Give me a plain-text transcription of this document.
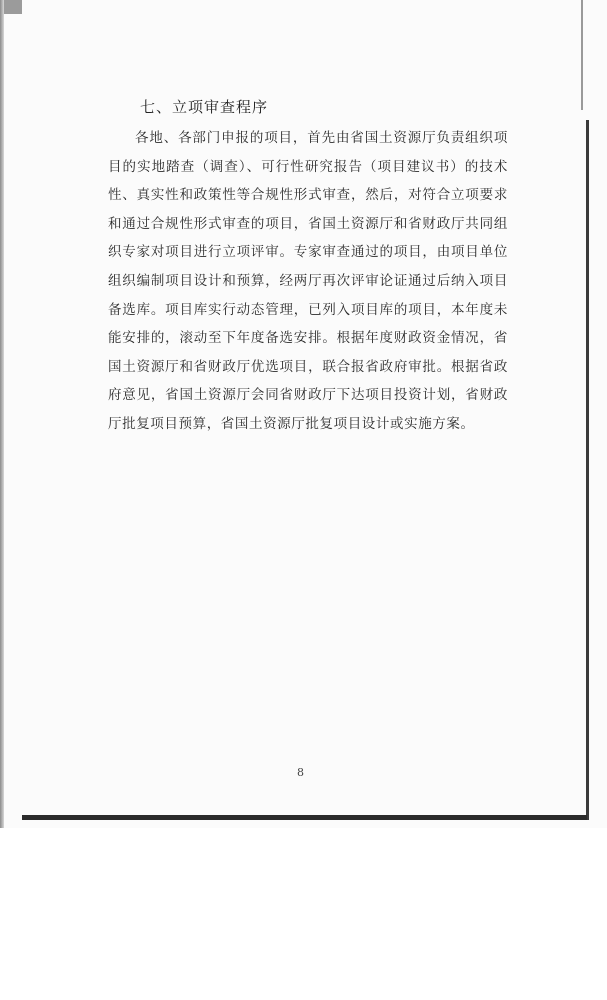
七、立项审查程序

各地、各部门申报的项目，首先由省国土资源厅负责组织项目的实地踏查（调查）、可行性研究报告（项目建议书）的技术性、真实性和政策性等合规性形式审查，然后，对符合立项要求和通过合规性形式审查的项目，省国土资源厅和省财政厅共同组织专家对项目进行立项评审。专家审查通过的项目，由项目单位组织编制项目设计和预算，经两厅再次评审论证通过后纳入项目备选库。项目库实行动态管理，已列入项目库的项目，本年度未能安排的，滚动至下年度备选安排。根据年度财政资金情况，省国土资源厅和省财政厅优选项目，联合报省政府审批。根据省政府意见，省国土资源厅会同省财政厅下达项目投资计划，省财政厅批复项目预算，省国土资源厅批复项目设计或实施方案。

8
